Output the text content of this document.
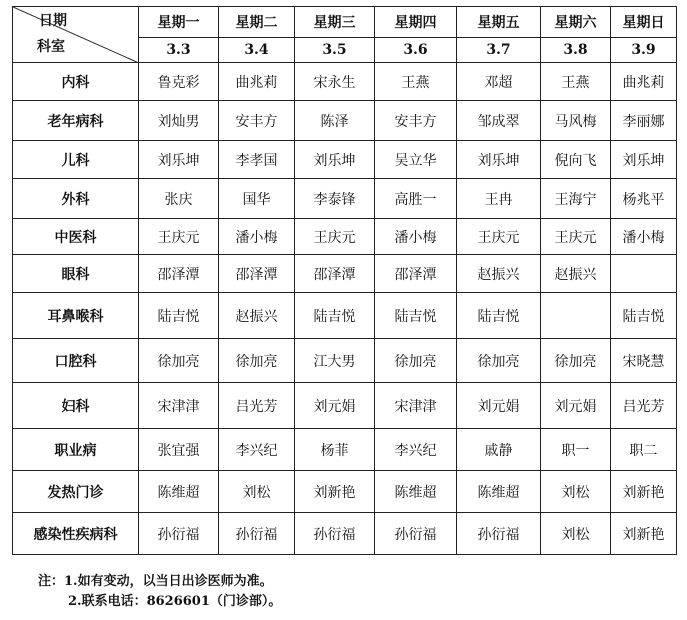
日期
科室	星期一	星期二	星期三	星期四	星期五	星期六	星期日
	3.3	3.4	3.5	3.6	3.7	3.8	3.9
内科	鲁克彩	曲兆莉	宋永生	王燕	邓超	王燕	曲兆莉
老年病科	刘灿男	安丰方	陈泽	安丰方	邹成翠	马风梅	李丽娜
儿科	刘乐坤	李孝国	刘乐坤	吴立华	刘乐坤	倪向飞	刘乐坤
外科	张庆	国华	李泰锋	高胜一	王冉	王海宁	杨兆平
中医科	王庆元	潘小梅	王庆元	潘小梅	王庆元	王庆元	潘小梅
眼科	邵泽潭	邵泽潭	邵泽潭	邵泽潭	赵振兴	赵振兴	
耳鼻喉科	陆吉悦	赵振兴	陆吉悦	陆吉悦	陆吉悦		陆吉悦
口腔科	徐加亮	徐加亮	江大男	徐加亮	徐加亮	徐加亮	宋晓慧
妇科	宋津津	吕光芳	刘元娟	宋津津	刘元娟	刘元娟	吕光芳
职业病	张宜强	李兴纪	杨菲	李兴纪	戚静	职一	职二
发热门诊	陈维超	刘松	刘新艳	陈维超	陈维超	刘松	刘新艳
感染性疾病科	孙衍福	孙衍福	孙衍福	孙衍福	孙衍福	刘松	刘新艳
注：1.如有变动，以当日出诊医师为准。
2.联系电话：8626601（门诊部）。
